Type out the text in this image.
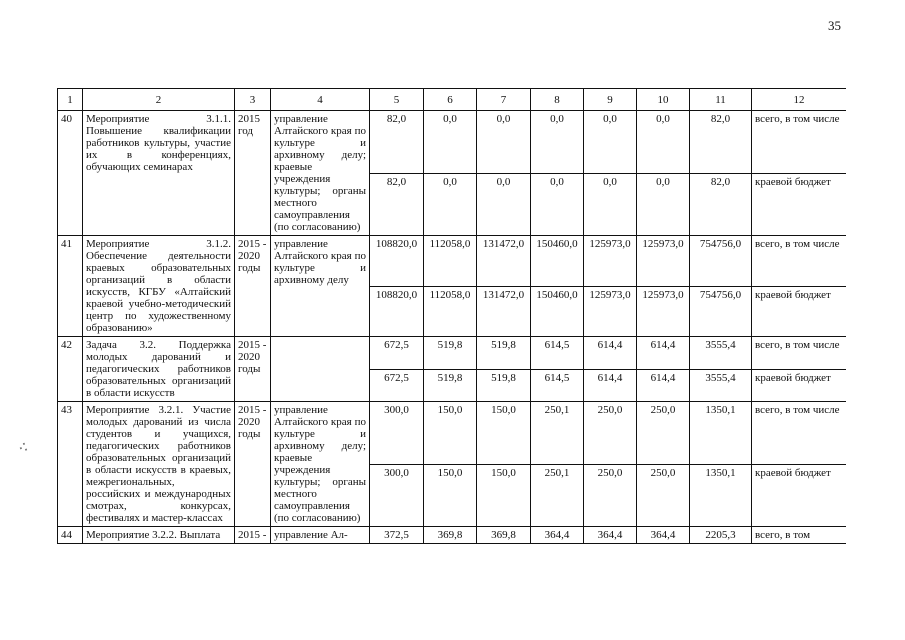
35
⁖
1	2	3	4	5	6	7	8	9	10	11	12
40	Мероприятие 3.1.1. Повышение квалификации работников культуры, участие их в конференциях, обучающих семинарах	2015 год	управление Алтайского края по культуре и архивному делу; краевые учреждения культуры; органы местного самоуправления (по согласованию)	82,0	0,0	0,0	0,0	0,0	0,0	82,0	всего, в том числе
				82,0	0,0	0,0	0,0	0,0	0,0	82,0	краевой бюджет
41	Мероприятие 3.1.2. Обеспечение деятельности краевых образовательных организаций в области искусств, КГБУ «Алтайский краевой учебно-методический центр по художественному образованию»	2015 - 2020 годы	управление Алтайского края по культуре и архивному делу	108820,0	112058,0	131472,0	150460,0	125973,0	125973,0	754756,0	всего, в том числе
				108820,0	112058,0	131472,0	150460,0	125973,0	125973,0	754756,0	краевой бюджет
42	Задача 3.2. Поддержка молодых дарований и педагогических работников образовательных организаций в области искусств	2015 - 2020 годы		672,5	519,8	519,8	614,5	614,4	614,4	3555,4	всего, в том числе
				672,5	519,8	519,8	614,5	614,4	614,4	3555,4	краевой бюджет
43	Мероприятие 3.2.1. Участие молодых дарований из числа студентов и учащихся, педагогических работников образовательных организаций в области искусств в краевых, межрегиональных, российских и международных смотрах, конкурсах, фестивалях и мастер-классах	2015 - 2020 годы	управление Алтайского края по культуре и архивному делу; краевые учреждения культуры; органы местного самоуправления (по согласованию)	300,0	150,0	150,0	250,1	250,0	250,0	1350,1	всего, в том числе
				300,0	150,0	150,0	250,1	250,0	250,0	1350,1	краевой бюджет
44	Мероприятие 3.2.2. Выплата	2015 -	управление Ал-	372,5	369,8	369,8	364,4	364,4	364,4	2205,3	всего, в том
